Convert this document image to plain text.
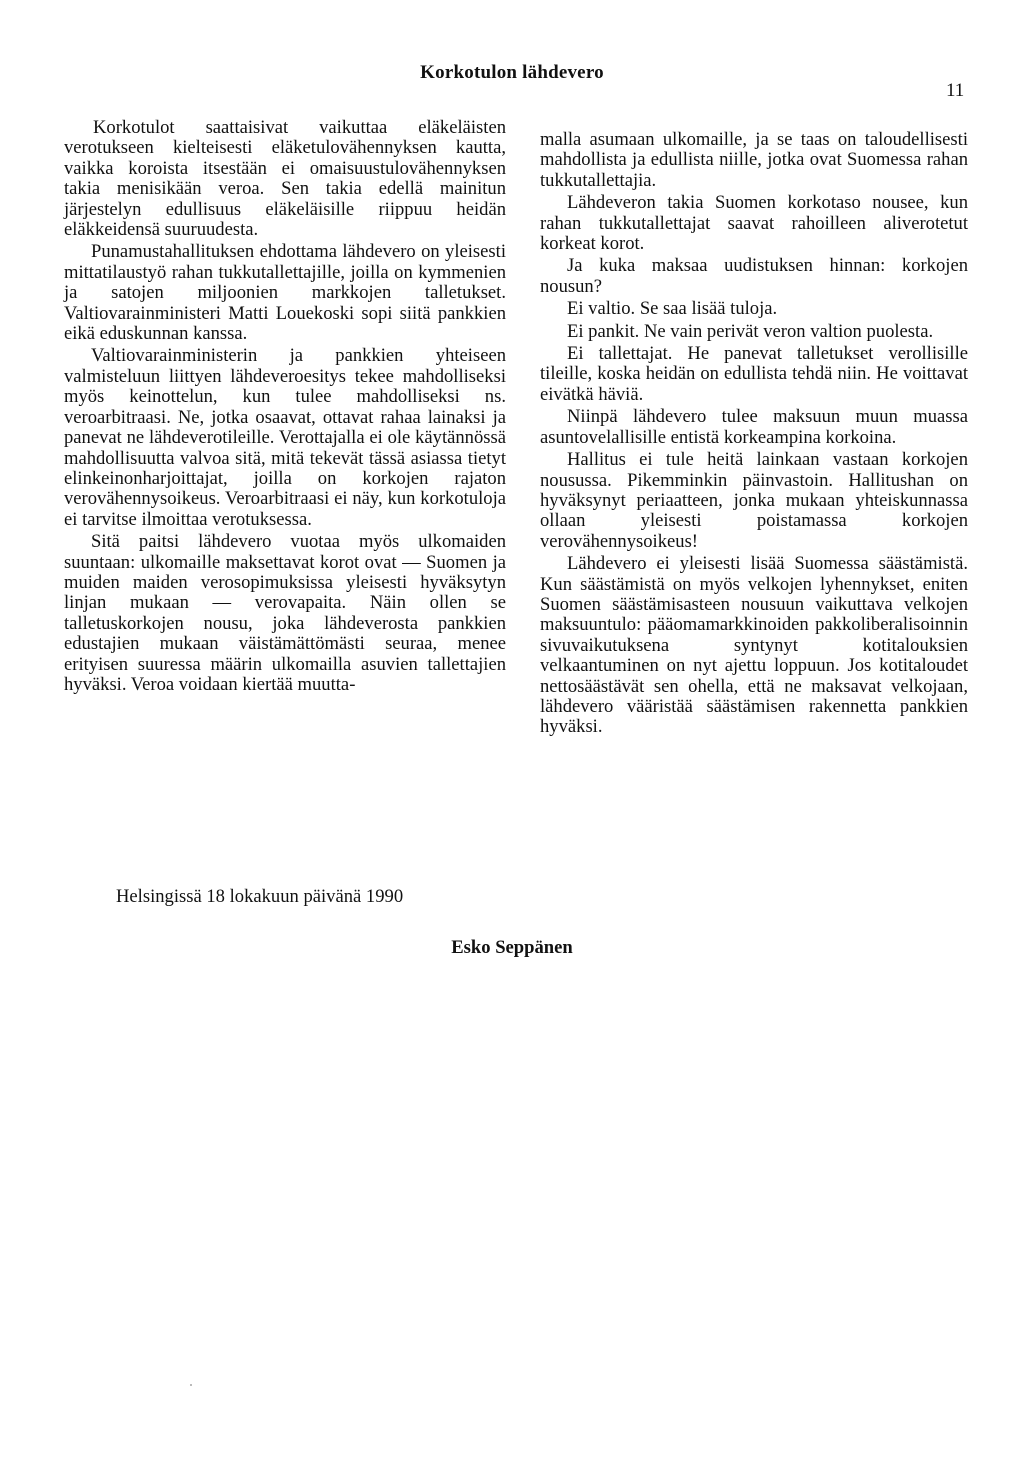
Korkotulon lähdevero
11

Korkotulot saattaisivat vaikuttaa eläkeläisten verotukseen kielteisesti eläketulovähennyksen kautta, vaikka koroista itsestään ei omaisuustulovähennyksen takia menisikään veroa. Sen takia edellä mainitun järjestelyn edullisuus eläkeläisille riippuu heidän eläkkeidensä suuruudesta.

Punamustahallituksen ehdottama lähdevero on yleisesti mittatilaustyö rahan tukkutallettajille, joilla on kymmenien ja satojen miljoonien markkojen talletukset. Valtiovarainministeri Matti Louekoski sopi siitä pankkien eikä eduskunnan kanssa.

Valtiovarainministerin ja pankkien yhteiseen valmisteluun liittyen lähdeveroesitys tekee mahdolliseksi myös keinottelun, kun tulee mahdolliseksi ns. veroarbitraasi. Ne, jotka osaavat, ottavat rahaa lainaksi ja panevat ne lähdeverotileille. Verottajalla ei ole käytännössä mahdollisuutta valvoa sitä, mitä tekevät tässä asiassa tietyt elinkeinonharjoittajat, joilla on korkojen rajaton verovähennysoikeus. Veroarbitraasi ei näy, kun korkotuloja ei tarvitse ilmoittaa verotuksessa.

Sitä paitsi lähdevero vuotaa myös ulkomaiden suuntaan: ulkomaille maksettavat korot ovat — Suomen ja muiden maiden verosopimuksissa yleisesti hyväksytyn linjan mukaan — verovapaita. Näin ollen se talletuskorkojen nousu, joka lähdeverosta pankkien edustajien mukaan väistämättömästi seuraa, menee erityisen suuressa määrin ulkomailla asuvien tallettajien hyväksi. Veroa voidaan kiertää muutta-

malla asumaan ulkomaille, ja se taas on taloudellisesti mahdollista ja edullista niille, jotka ovat Suomessa rahan tukkutallettajia.

Lähdeveron takia Suomen korkotaso nousee, kun rahan tukkutallettajat saavat rahoilleen aliverotetut korkeat korot.

Ja kuka maksaa uudistuksen hinnan: korkojen nousun?

Ei valtio. Se saa lisää tuloja.

Ei pankit. Ne vain perivät veron valtion puolesta.

Ei tallettajat. He panevat talletukset verollisille tileille, koska heidän on edullista tehdä niin. He voittavat eivätkä häviä.

Niinpä lähdevero tulee maksuun muun muassa asuntovelallisille entistä korkeampina korkoina.

Hallitus ei tule heitä lainkaan vastaan korkojen nousussa. Pikemminkin päinvastoin. Hallitushan on hyväksynyt periaatteen, jonka mukaan yhteiskunnassa ollaan yleisesti poistamassa korkojen verovähennysoikeus!

Lähdevero ei yleisesti lisää Suomessa säästämistä. Kun säästämistä on myös velkojen lyhennykset, eniten Suomen säästämisasteen nousuun vaikuttava velkojen maksuuntulo: pääomamarkkinoiden pakkoliberalisoinnin sivuvaikutuksena syntynyt kotitalouksien velkaantuminen on nyt ajettu loppuun. Jos kotitaloudet nettosäästävät sen ohella, että ne maksavat velkojaan, lähdevero vääristää säästämisen rakennetta pankkien hyväksi.

Helsingissä 18 lokakuun päivänä 1990
Esko Seppänen
